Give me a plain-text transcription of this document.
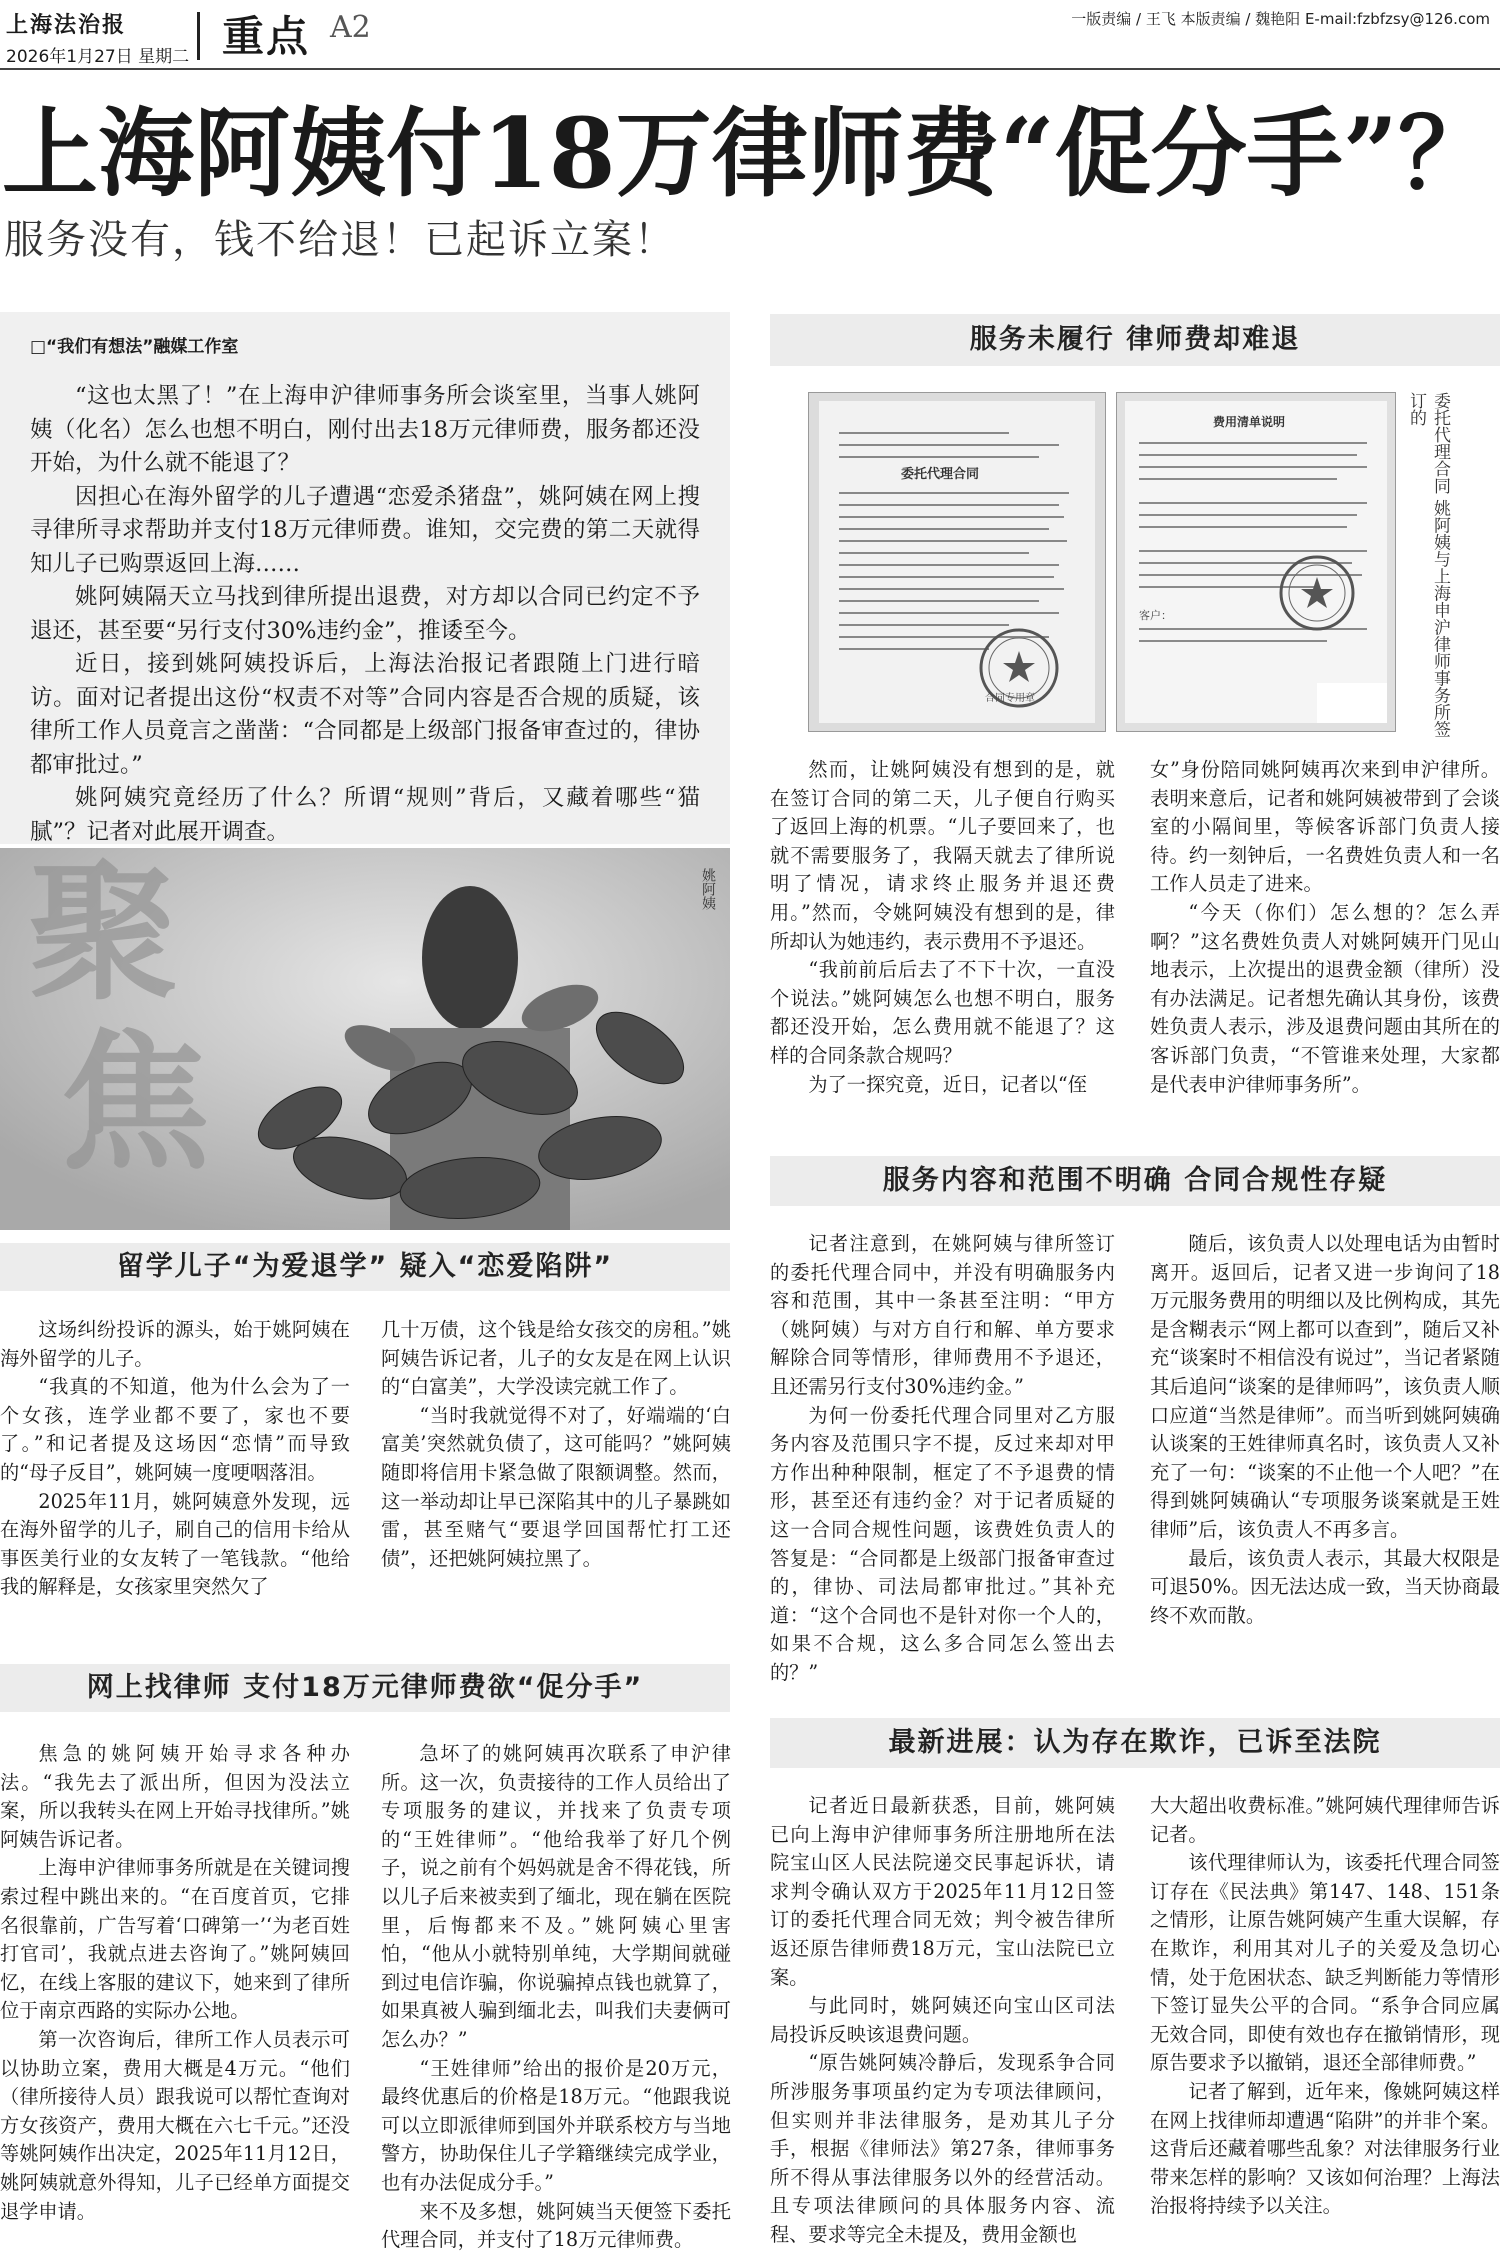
上海法治报
2026年1月27日 星期二 重点 A2	一版责编 / 王飞 本版责编 / 魏艳阳 E-mail:fzbfzsy@126.com
上海阿姨付18万律师费“促分手”？
服务没有，钱不给退！已起诉立案！
□“我们有想法”融媒工作室

“这也太黑了！”在上海申沪律师事务所会谈室里，当事人姚阿姨（化名）怎么也想不明白，刚付出去18万元律师费，服务都还没开始，为什么就不能退了？

因担心在海外留学的儿子遭遇“恋爱杀猪盘”，姚阿姨在网上搜寻律所寻求帮助并支付18万元律师费。谁知，交完费的第二天就得知儿子已购票返回上海……

姚阿姨隔天立马找到律所提出退费，对方却以合同已约定不予退还，甚至要“另行支付30%违约金”，推诿至今。

近日，接到姚阿姨投诉后，上海法治报记者跟随上门进行暗访。面对记者提出这份“权责不对等”合同内容是否合规的质疑，该律所工作人员竟言之凿凿：“合同都是上级部门报备审查过的，律协都审批过。”

姚阿姨究竟经历了什么？所谓“规则”背后，又藏着哪些“猫腻”？记者对此展开调查。

聚
焦
姚阿姨
留学儿子“为爱退学” 疑入“恋爱陷阱”

这场纠纷投诉的源头，始于姚阿姨在海外留学的儿子。

“我真的不知道，他为什么会为了一个女孩，连学业都不要了，家也不要了。”和记者提及这场因“恋情”而导致的“母子反目”，姚阿姨一度哽咽落泪。

2025年11月，姚阿姨意外发现，远在海外留学的儿子，刷自己的信用卡给从事医美行业的女友转了一笔钱款。“他给我的解释是，女孩家里突然欠了

几十万债，这个钱是给女孩交的房租。”姚阿姨告诉记者，儿子的女友是在网上认识的“白富美”，大学没读完就工作了。

“当时我就觉得不对了，好端端的‘白富美’突然就负债了，这可能吗？”姚阿姨随即将信用卡紧急做了限额调整。然而，这一举动却让早已深陷其中的儿子暴跳如雷，甚至赌气“要退学回国帮忙打工还债”，还把姚阿姨拉黑了。

网上找律师 支付18万元律师费欲“促分手”

焦急的姚阿姨开始寻求各种办法。“我先去了派出所，但因为没法立案，所以我转头在网上开始寻找律所。”姚阿姨告诉记者。

上海申沪律师事务所就是在关键词搜索过程中跳出来的。“在百度首页，它排名很靠前，广告写着‘口碑第一’‘为老百姓打官司’，我就点进去咨询了。”姚阿姨回忆，在线上客服的建议下，她来到了律所位于南京西路的实际办公地。

第一次咨询后，律所工作人员表示可以协助立案，费用大概是4万元。“他们（律所接待人员）跟我说可以帮忙查询对方女孩资产，费用大概在六七千元。”还没等姚阿姨作出决定，2025年11月12日，姚阿姨就意外得知，儿子已经单方面提交退学申请。

急坏了的姚阿姨再次联系了申沪律所。这一次，负责接待的工作人员给出了专项服务的建议，并找来了负责专项的“王姓律师”。“他给我举了好几个例子，说之前有个妈妈就是舍不得花钱，所以儿子后来被卖到了缅北，现在躺在医院里，后悔都来不及。”姚阿姨心里害怕，“他从小就特别单纯，大学期间就碰到过电信诈骗，你说骗掉点钱也就算了，如果真被人骗到缅北去，叫我们夫妻俩可怎么办？”

“王姓律师”给出的报价是20万元，最终优惠后的价格是18万元。“他跟我说可以立即派律师到国外并联系校方与当地警方，协助保住儿子学籍继续完成学业，也有办法促成分手。”

来不及多想，姚阿姨当天便签下委托代理合同，并支付了18万元律师费。

服务未履行 律师费却难退
委托代理合同
合同专用章
费用清单说明
客户：	委托代理合同 姚阿姨与上海申沪律师事务所签订的

然而，让姚阿姨没有想到的是，就在签订合同的第二天，儿子便自行购买了返回上海的机票。“儿子要回来了，也就不需要服务了，我隔天就去了律所说明了情况，请求终止服务并退还费用。”然而，令姚阿姨没有想到的是，律所却认为她违约，表示费用不予退还。

“我前前后后去了不下十次，一直没个说法。”姚阿姨怎么也想不明白，服务都还没开始，怎么费用就不能退了？这样的合同条款合规吗？

为了一探究竟，近日，记者以“侄

女”身份陪同姚阿姨再次来到申沪律所。表明来意后，记者和姚阿姨被带到了会谈室的小隔间里，等候客诉部门负责人接待。约一刻钟后，一名费姓负责人和一名工作人员走了进来。

“今天（你们）怎么想的？怎么弄啊？”这名费姓负责人对姚阿姨开门见山地表示，上次提出的退费金额（律所）没有办法满足。记者想先确认其身份，该费姓负责人表示，涉及退费问题由其所在的客诉部门负责，“不管谁来处理，大家都是代表申沪律师事务所”。

服务内容和范围不明确 合同合规性存疑

记者注意到，在姚阿姨与律所签订的委托代理合同中，并没有明确服务内容和范围，其中一条甚至注明：“甲方（姚阿姨）与对方自行和解、单方要求解除合同等情形，律师费用不予退还，且还需另行支付30%违约金。”

为何一份委托代理合同里对乙方服务内容及范围只字不提，反过来却对甲方作出种种限制，框定了不予退费的情形，甚至还有违约金？对于记者质疑的这一合同合规性问题，该费姓负责人的答复是：“合同都是上级部门报备审查过的，律协、司法局都审批过。”其补充道：“这个合同也不是针对你一个人的，如果不合规，这么多合同怎么签出去的？”

随后，该负责人以处理电话为由暂时离开。返回后，记者又进一步询问了18万元服务费用的明细以及比例构成，其先是含糊表示“网上都可以查到”，随后又补充“谈案时不相信没有说过”，当记者紧随其后追问“谈案的是律师吗”，该负责人顺口应道“当然是律师”。而当听到姚阿姨确认谈案的王姓律师真名时，该负责人又补充了一句：“谈案的不止他一个人吧？”在得到姚阿姨确认“专项服务谈案就是王姓律师”后，该负责人不再多言。

最后，该负责人表示，其最大权限是可退50%。因无法达成一致，当天协商最终不欢而散。

最新进展：认为存在欺诈，已诉至法院

记者近日最新获悉，目前，姚阿姨已向上海申沪律师事务所注册地所在法院宝山区人民法院递交民事起诉状，请求判令确认双方于2025年11月12日签订的委托代理合同无效；判令被告律所返还原告律师费18万元，宝山法院已立案。

与此同时，姚阿姨还向宝山区司法局投诉反映该退费问题。

“原告姚阿姨冷静后，发现系争合同所涉服务事项虽约定为专项法律顾问，但实则并非法律服务，是劝其儿子分手，根据《律师法》第27条，律师事务所不得从事法律服务以外的经营活动。且专项法律顾问的具体服务内容、流程、要求等完全未提及，费用金额也

大大超出收费标准。”姚阿姨代理律师告诉记者。

该代理律师认为，该委托代理合同签订存在《民法典》第147、148、151条之情形，让原告姚阿姨产生重大误解，存在欺诈，利用其对儿子的关爱及急切心情，处于危困状态、缺乏判断能力等情形下签订显失公平的合同。“系争合同应属无效合同，即使有效也存在撤销情形，现原告要求予以撤销，退还全部律师费。”

记者了解到，近年来，像姚阿姨这样在网上找律师却遭遇“陷阱”的并非个案。这背后还藏着哪些乱象？对法律服务行业带来怎样的影响？又该如何治理？上海法治报将持续予以关注。
